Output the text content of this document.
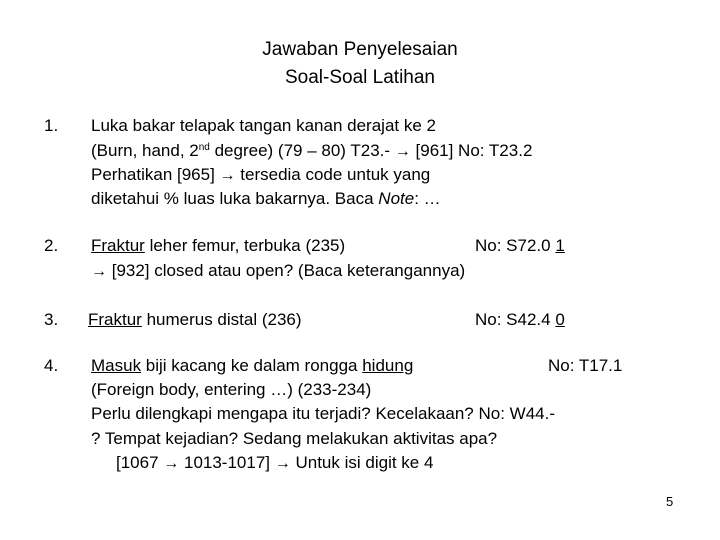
Jawaban Penyelesaian
Soal-Soal Latihan
1. Luka bakar telapak tangan kanan derajat ke 2
(Burn, hand, 2nd degree) (79 – 80) T23.- → [961] No: T23.2
Perhatikan [965] → tersedia code untuk yang
diketahui % luas luka bakarnya. Baca Note: …
2. Fraktur leher femur, terbuka (235)	No: S72.0 1
→ [932] closed atau open? (Baca keterangannya)
3. Fraktur humerus distal (236)	No: S42.4 0
4. Masuk biji kacang ke dalam rongga hidung	No: T17.1
(Foreign body, entering …) (233-234)
Perlu dilengkapi mengapa itu terjadi? Kecelakaan? No: W44.-
? Tempat kejadian? Sedang melakukan aktivitas apa?
[1067 → 1013-1017] → Untuk isi digit ke 4
5
